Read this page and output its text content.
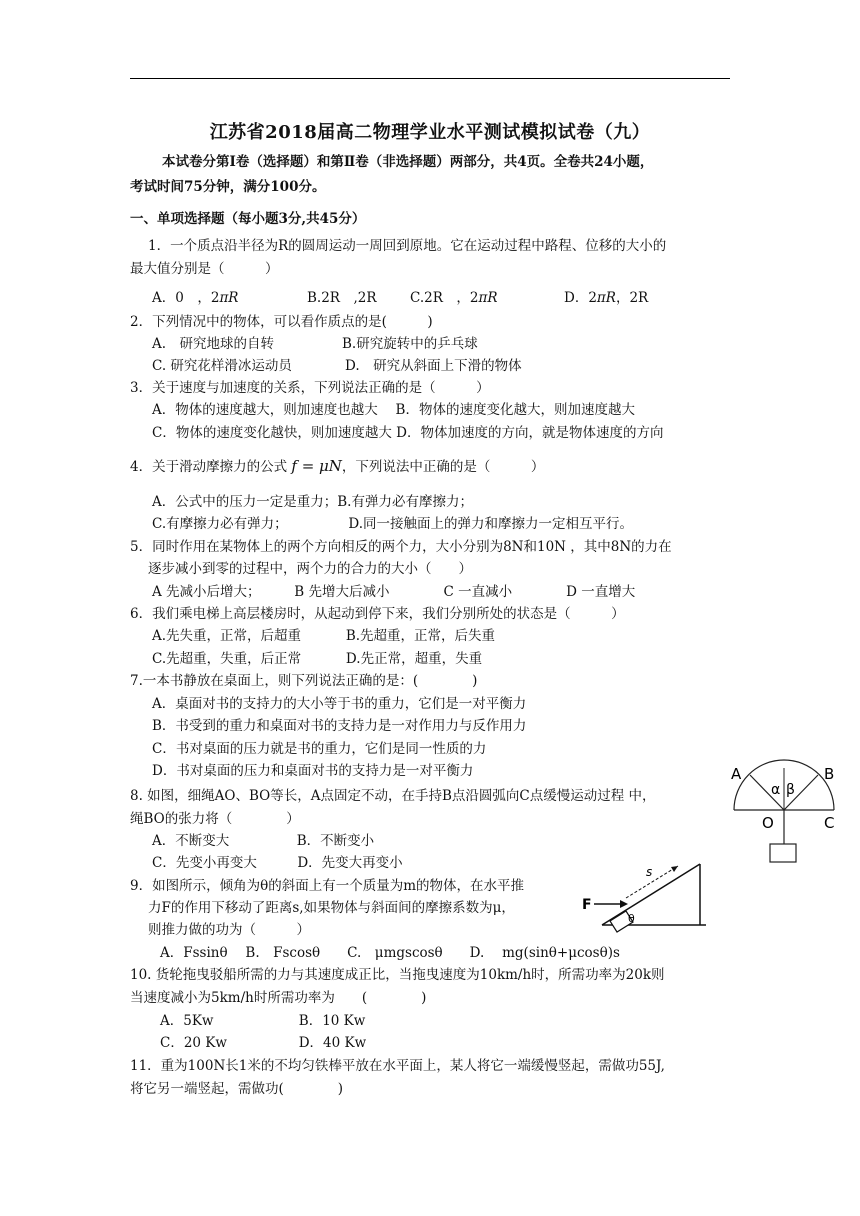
江苏省2018届高二物理学业水平测试模拟试卷（九）
本试卷分第Ⅰ卷（选择题）和第Ⅱ卷（非选择题）两部分，共4页。全卷共24小题，
考试时间75分钟，满分100分。
一、单项选择题（每小题3分,共45分）
1．一个质点沿半径为R的圆周运动一周回到原地。它在运动过程中路程、位移的大小的
最大值分别是（　　　）
A．0　，2πR	B.2R　,2R C.2R　，2πR	D．2πR，2R
2．下列情况中的物体，可以看作质点的是(　　　)
A.　研究地球的自转	B.研究旋转中的乒乓球
C. 研究花样滑冰运动员	D.　研究从斜面上下滑的物体
3．关于速度与加速度的关系，下列说法正确的是（　　　）
A．物体的速度越大，则加速度也越大　 B．物体的速度变化越大，则加速度越大
C．物体的速度变化越快，则加速度越大 D．物体加速度的方向，就是物体速度的方向
4．关于滑动摩擦力的公式 f = μN，下列说法中正确的是（　　　）
A．公式中的压力一定是重力；B.有弹力必有摩擦力；
C.有摩擦力必有弹力；　　　　　D.同一接触面上的弹力和摩擦力一定相互平行。
5．同时作用在某物体上的两个方向相反的两个力，大小分别为8N和10N ，其中8N的力在
逐步减小到零的过程中，两个力的合力的大小（　　）
A 先减小后增大；　　　B 先增大后减小　　　　C 一直减小　　　　D 一直增大
6．我们乘电梯上高层楼房时，从起动到停下来，我们分别所处的状态是（　　　）
A.先失重，正常，后超重　　　 B.先超重，正常，后失重
C.先超重，失重，后正常　　　 D.先正常，超重，失重
7.一本书静放在桌面上，则下列说法正确的是：(　　　　)
A．桌面对书的支持力的大小等于书的重力，它们是一对平衡力
B．书受到的重力和桌面对书的支持力是一对作用力与反作用力
C．书对桌面的压力就是书的重力，它们是同一性质的力
D．书对桌面的压力和桌面对书的支持力是一对平衡力
8. 如图，细绳AO、BO等长，A点固定不动，在手持B点沿圆弧向C点缓慢运动过程 中，
绳BO的张力将（　　　　）
A．不断变大　　　　　B．不断变小
C．先变小再变大　　　D．先变大再变小
A	B
α β
O	C
9．如图所示，倾角为θ的斜面上有一个质量为m的物体，在水平推
力F的作用下移动了距离s,如果物体与斜面间的摩擦系数为μ，
则推力做的功为（　　　）
A．Fssinθ　 B.　Fscosθ　　C.　μmgscosθ　　D.　 mg(sinθ+μcosθ)s
F
s
θ
10. 货轮拖曳驳船所需的力与其速度成正比，当拖曳速度为10km/h时，所需功率为20k则
当速度减小为5km/h时所需功率为　　(　　　　)
A．5Kw　　　　　　 B．10 Kw
C．20 Kw　　　　　 D．40 Kw
11．重为100N长1米的不均匀铁棒平放在水平面上，某人将它一端缓慢竖起，需做功55J,
将它另一端竖起，需做功(　　　　)
